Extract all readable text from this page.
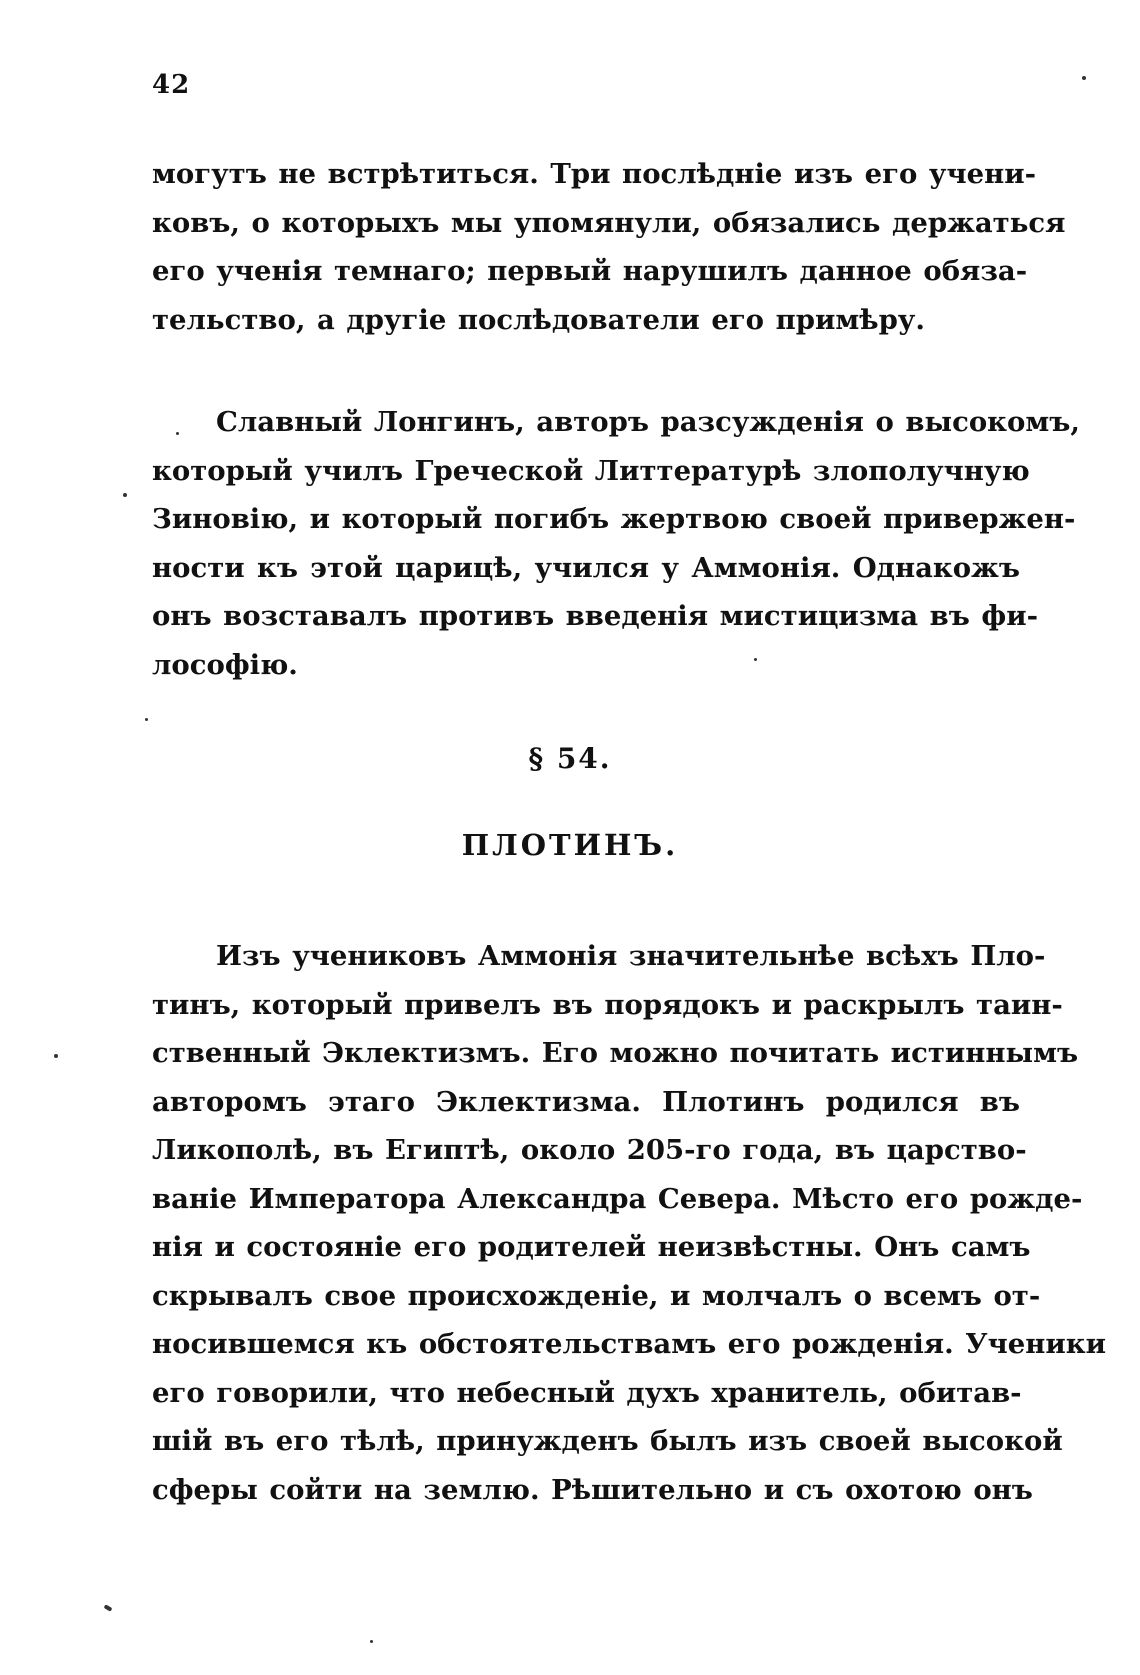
42
могутъ не встрѣтиться. Три послѣдніе изъ его учени-
ковъ, о которыхъ мы упомянули, обязались держаться
его ученія темнаго; первый нарушилъ данное обяза-
тельство, а другіе послѣдователи его примѣру.
Славный Лонгинъ, авторъ разсужденія о высокомъ,
который училъ Греческой Литтературѣ злополучную
Зиновію, и который погибъ жертвою своей привержен-
ности къ этой царицѣ, учился у Аммонія. Однакожъ
онъ возставалъ противъ введенія мистицизма въ фи-
лософію.
§ 54.
ПЛОТИНЪ.
Изъ учениковъ Аммонія значительнѣе всѣхъ Пло-
тинъ, который привелъ въ порядокъ и раскрылъ таин-
ственный Эклектизмъ. Его можно почитать истиннымъ
авторомъ этаго Эклектизма. Плотинъ родился въ
Ликополѣ, въ Египтѣ, около 205-го года, въ царство-
ваніе Императора Александра Севера. Мѣсто его рожде-
нія и состояніе его родителей неизвѣстны. Онъ самъ
скрывалъ свое происхожденіе, и молчалъ о всемъ от-
носившемся къ обстоятельствамъ его рожденія. Ученики
его говорили, что небесный духъ хранитель, обитав-
шій въ его тѣлѣ, принужденъ былъ изъ своей высокой
сферы сойти на землю. Рѣшительно и съ охотою онъ
